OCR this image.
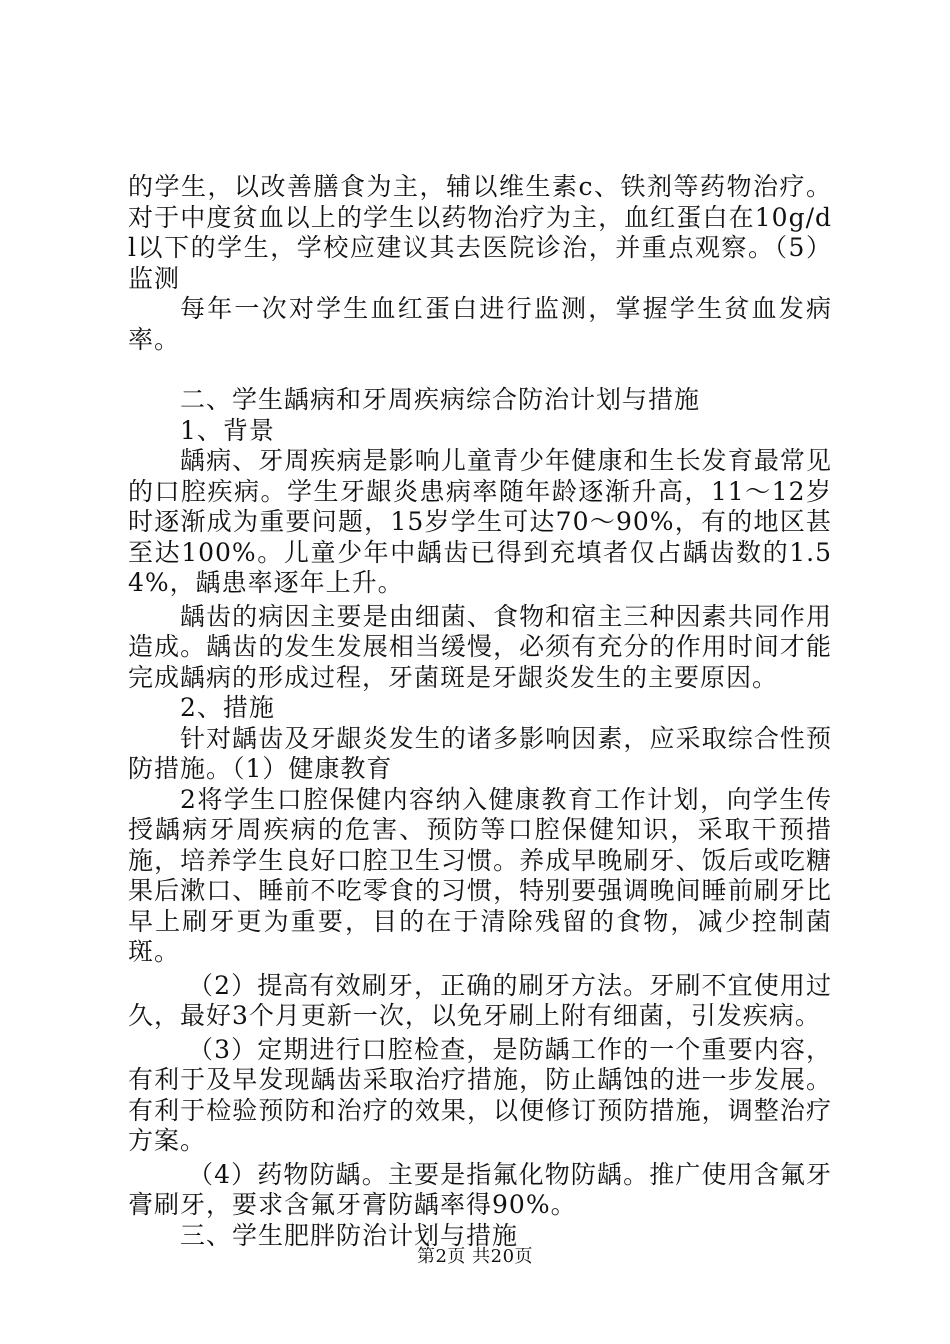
的学生，以改善膳食为主，辅以维生素c、铁剂等药物治疗。对于中度贫血以上的学生以药物治疗为主，血红蛋白在10g/dl以下的学生，学校应建议其去医院诊治，并重点观察。（5）监测

每年一次对学生血红蛋白进行监测，掌握学生贫血发病率。

二、学生龋病和牙周疾病综合防治计划与措施

1、背景

龋病、牙周疾病是影响儿童青少年健康和生长发育最常见的口腔疾病。学生牙龈炎患病率随年龄逐渐升高，11～12岁时逐渐成为重要问题，15岁学生可达70～90%，有的地区甚至达100%。儿童少年中龋齿已得到充填者仅占龋齿数的1.54%，龋患率逐年上升。

龋齿的病因主要是由细菌、食物和宿主三种因素共同作用造成。龋齿的发生发展相当缓慢，必须有充分的作用时间才能完成龋病的形成过程，牙菌斑是牙龈炎发生的主要原因。

2、措施

针对龋齿及牙龈炎发生的诸多影响因素，应采取综合性预防措施。（1）健康教育

2将学生口腔保健内容纳入健康教育工作计划，向学生传授龋病牙周疾病的危害、预防等口腔保健知识，采取干预措施，培养学生良好口腔卫生习惯。养成早晚刷牙、饭后或吃糖果后漱口、睡前不吃零食的习惯，特别要强调晚间睡前刷牙比早上刷牙更为重要，目的在于清除残留的食物，减少控制菌斑。

（2）提高有效刷牙，正确的刷牙方法。牙刷不宜使用过久，最好3个月更新一次，以免牙刷上附有细菌，引发疾病。

（3）定期进行口腔检查，是防龋工作的一个重要内容，有利于及早发现龋齿采取治疗措施，防止龋蚀的进一步发展。有利于检验预防和治疗的效果，以便修订预防措施，调整治疗方案。

（4）药物防龋。主要是指氟化物防龋。推广使用含氟牙膏刷牙，要求含氟牙膏防龋率得90%。

三、学生肥胖防治计划与措施

第2页 共20页
